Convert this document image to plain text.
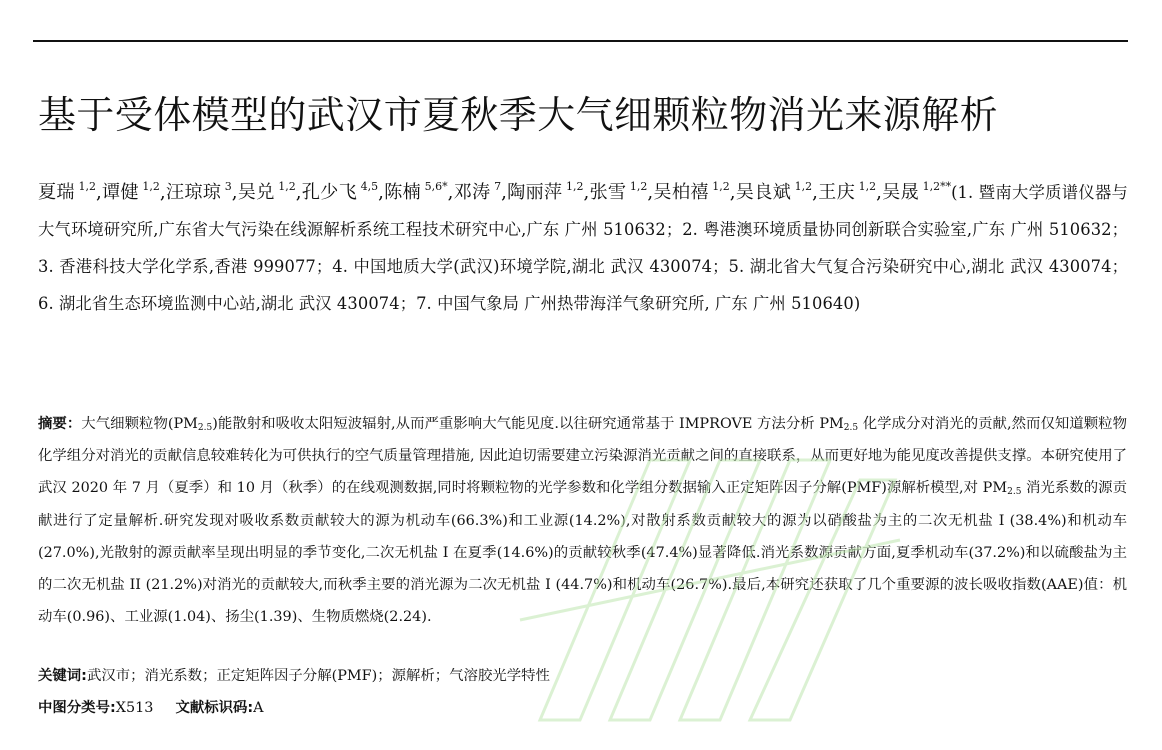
基于受体模型的武汉市夏秋季大气细颗粒物消光来源解析
夏瑞  $^{1,2}$,谭健  $^{1,2}$,汪琼琼  $^3$,吴兑  $^{1,2}$,孔少飞  $^{4,5}$,陈楠  $^{5,6*}$,邓涛  $^7$,陶丽萍  $^{1,2}$,张雪  $^{1,2}$,吴柏禧  $^{1,2}$,吴良斌  $^{1,2}$,王庆  $^{1,2}$,吴晟  $^{1,2**}$(1. 暨南大学质谱仪器与大气环境研究所,广东省大气污染在线源解析系统工程技术研究中心,广东 广州 510632；2. 粤港澳环境质量协同创新联合实验室,广东 广州 510632；3. 香港科技大学化学系,香港 999077；4. 中国地质大学(武汉)环境学院,湖北 武汉 430074；5. 湖北省大气复合污染研究中心,湖北 武汉 430074；6. 湖北省生态环境监测中心站,湖北 武汉 430074；7. 中国气象局 广州热带海洋气象研究所, 广东 广州 510640)
摘要：大气细颗粒物$(PM_{2.5})$能散射和吸收太阳短波辐射,从而严重影响大气能见度.以往研究通常基于 IMPROVE 方法分析 $PM_{2.5}$ 化学成分对消光的贡献,然而仅知道颗粒物化学组分对消光的贡献信息较难转化为可供执行的空气质量管理措施, 因此迫切需要建立污染源消光贡献之间的直接联系，从而更好地为能见度改善提供支撑。本研究使用了武汉 2020 年 7 月（夏季）和 10 月（秋季）的在线观测数据,同时将颗粒物的光学参数和化学组分数据输入正定矩阵因子分解(PMF)源解析模型,对 $PM_{2.5}$ 消光系数的源贡献进行了定量解析.研究发现对吸收系数贡献较大的源为机动车(66.3%)和工业源(14.2%),对散射系数贡献较大的源为以硝酸盐为主的二次无机盐 I (38.4%)和机动车(27.0%),光散射的源贡献率呈现出明显的季节变化,二次无机盐 I 在夏季(14.6%)的贡献较秋季(47.4%)显著降低.消光系数源贡献方面,夏季机动车(37.2%)和以硫酸盐为主的二次无机盐 II (21.2%)对消光的贡献较大,而秋季主要的消光源为二次无机盐 I (44.7%)和机动车(26.7%).最后,本研究还获取了几个重要源的波长吸收指数(AAE)值：机动车(0.96)、工业源(1.04)、扬尘(1.39)、生物质燃烧(2.24).
关键词:武汉市；消光系数；正定矩阵因子分解(PMF)；源解析；气溶胶光学特性
中图分类号:X513 文献标识码:A
